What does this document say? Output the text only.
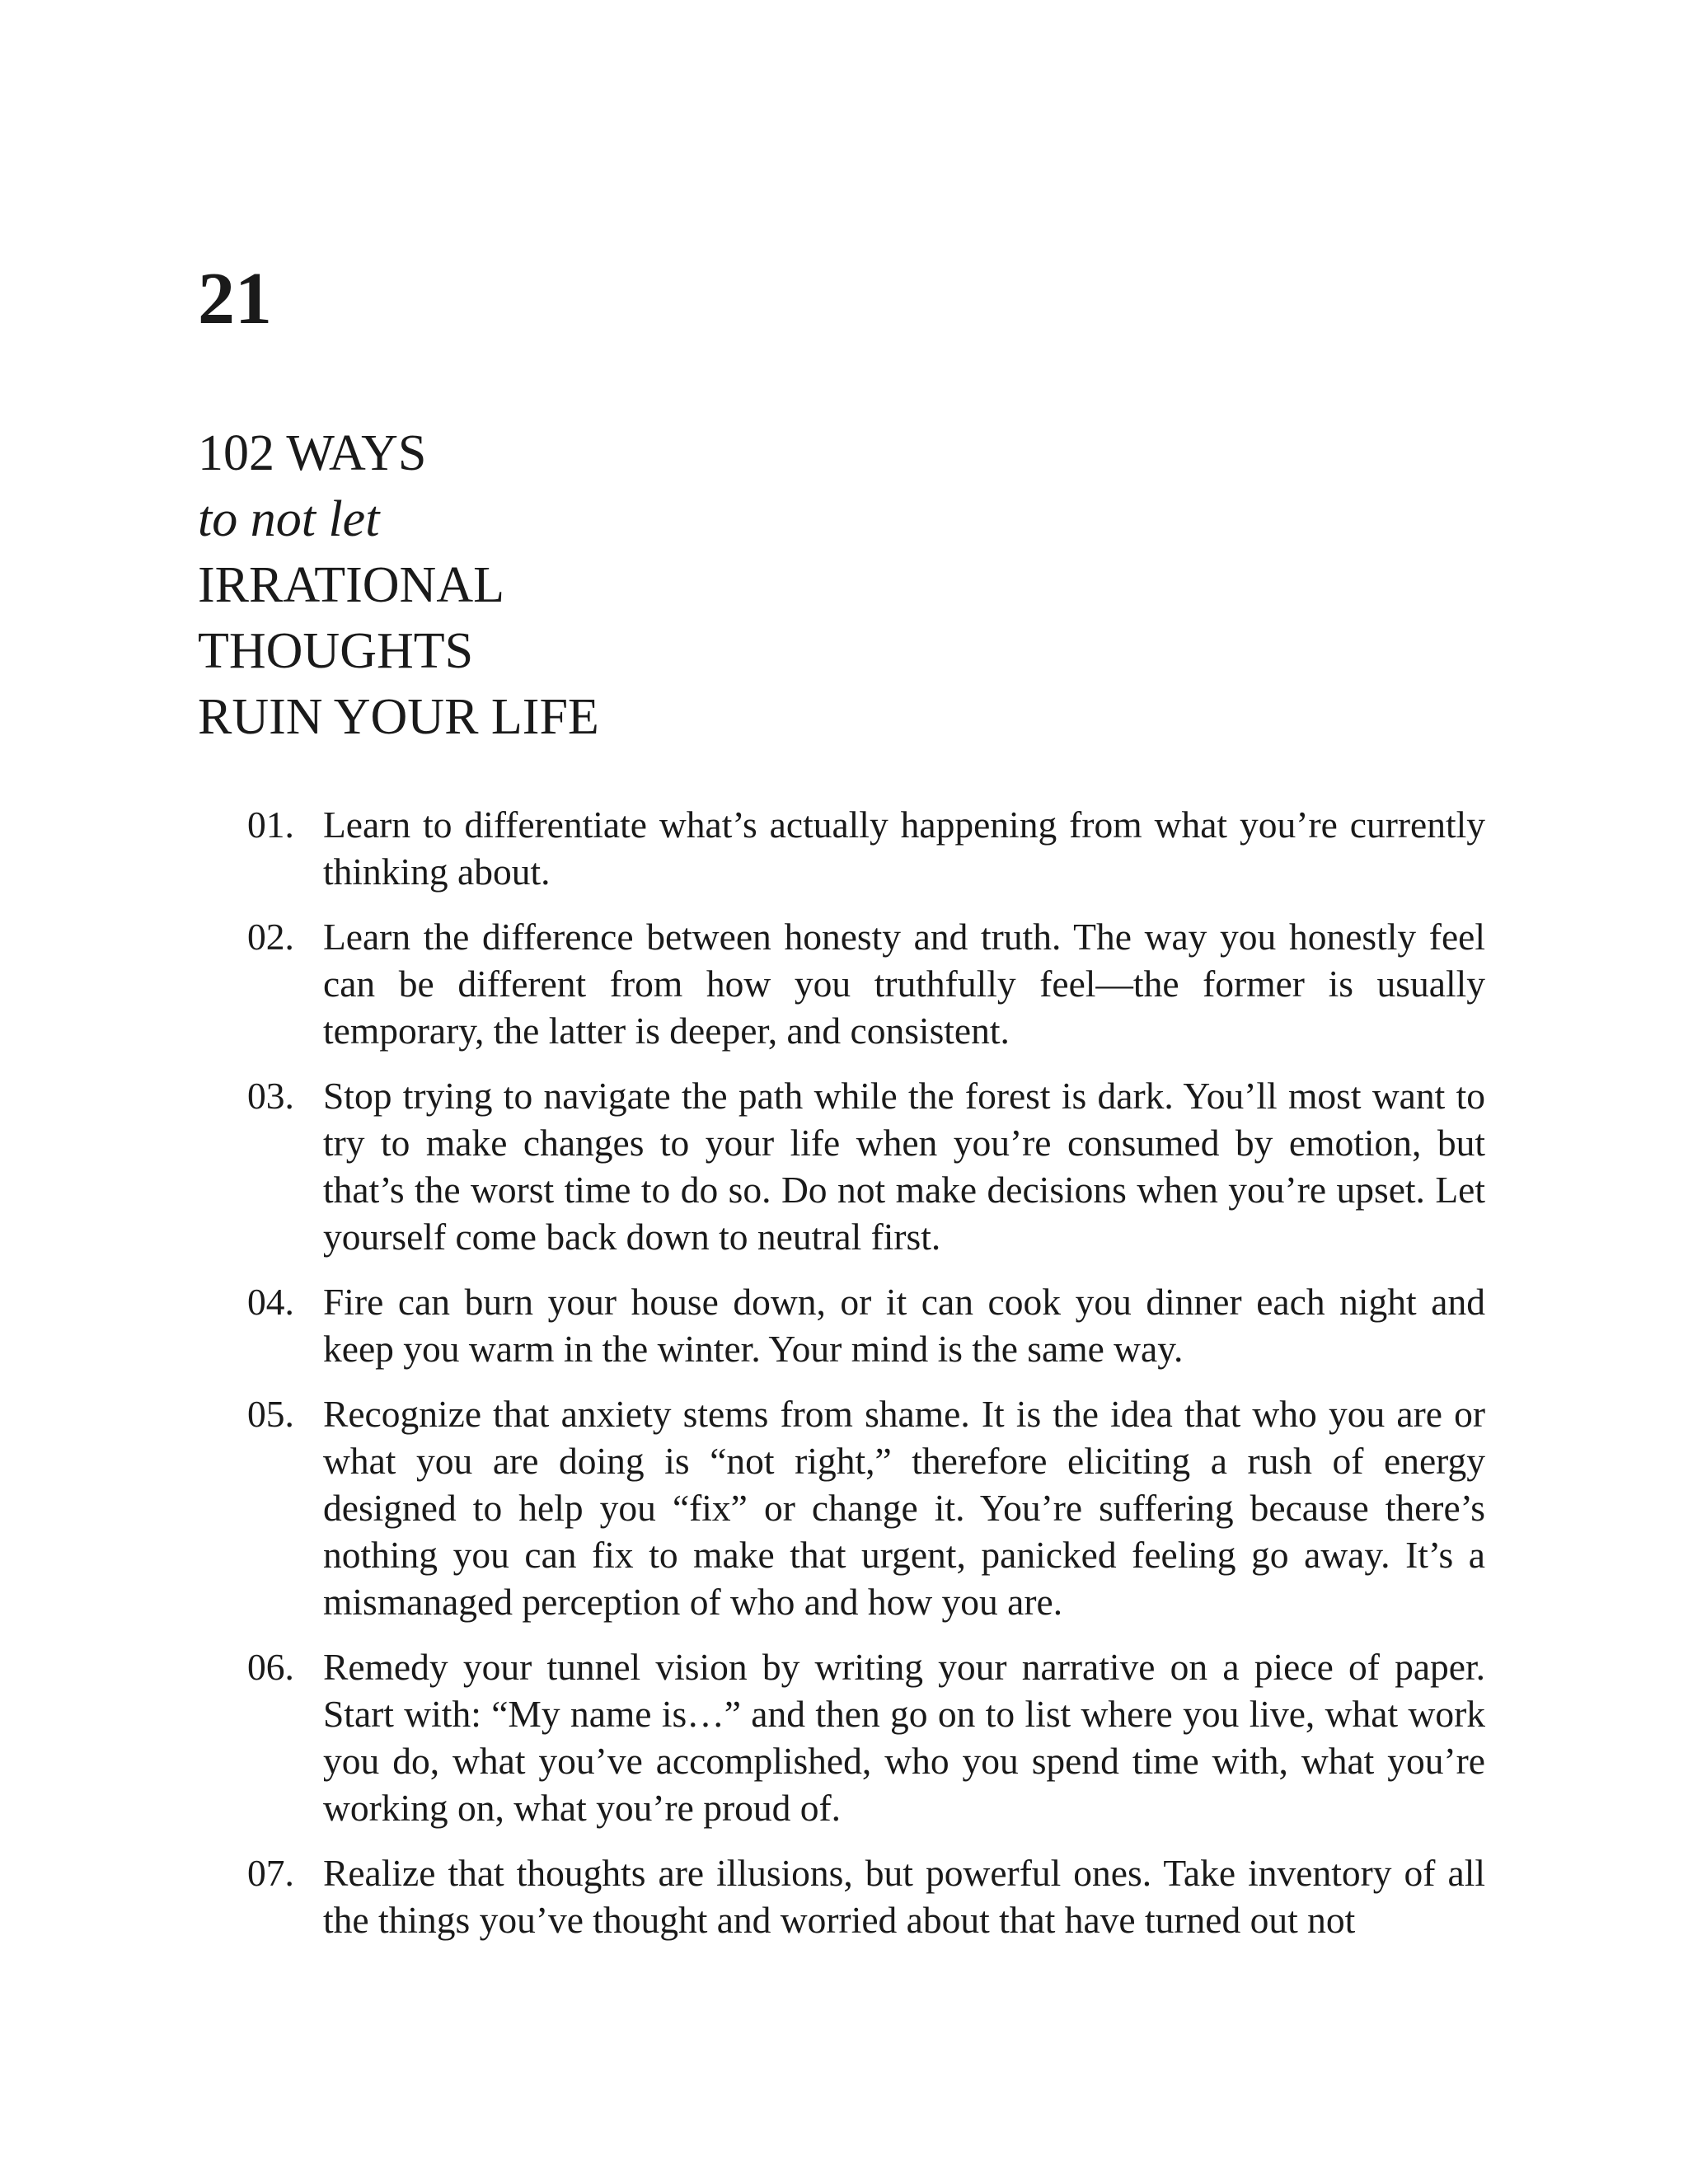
21
102 WAYS
to not let
IRRATIONAL
THOUGHTS
RUIN YOUR LIFE
01. Learn to differentiate what’s actually happening from what you’re currently thinking about.
02. Learn the difference between honesty and truth. The way you honestly feel can be different from how you truthfully feel—the former is usually temporary, the latter is deeper, and consistent.
03. Stop trying to navigate the path while the forest is dark. You’ll most want to try to make changes to your life when you’re consumed by emotion, but that’s the worst time to do so. Do not make decisions when you’re upset. Let yourself come back down to neutral first.
04. Fire can burn your house down, or it can cook you dinner each night and keep you warm in the winter. Your mind is the same way.
05. Recognize that anxiety stems from shame. It is the idea that who you are or what you are doing is “not right,” therefore eliciting a rush of energy designed to help you “fix” or change it. You’re suffering because there’s nothing you can fix to make that urgent, panicked feeling go away. It’s a mismanaged perception of who and how you are.
06. Remedy your tunnel vision by writing your narrative on a piece of paper. Start with: “My name is…” and then go on to list where you live, what work you do, what you’ve accomplished, who you spend time with, what you’re working on, what you’re proud of.
07. Realize that thoughts are illusions, but powerful ones. Take inventory of all the things you’ve thought and worried about that have turned out not
